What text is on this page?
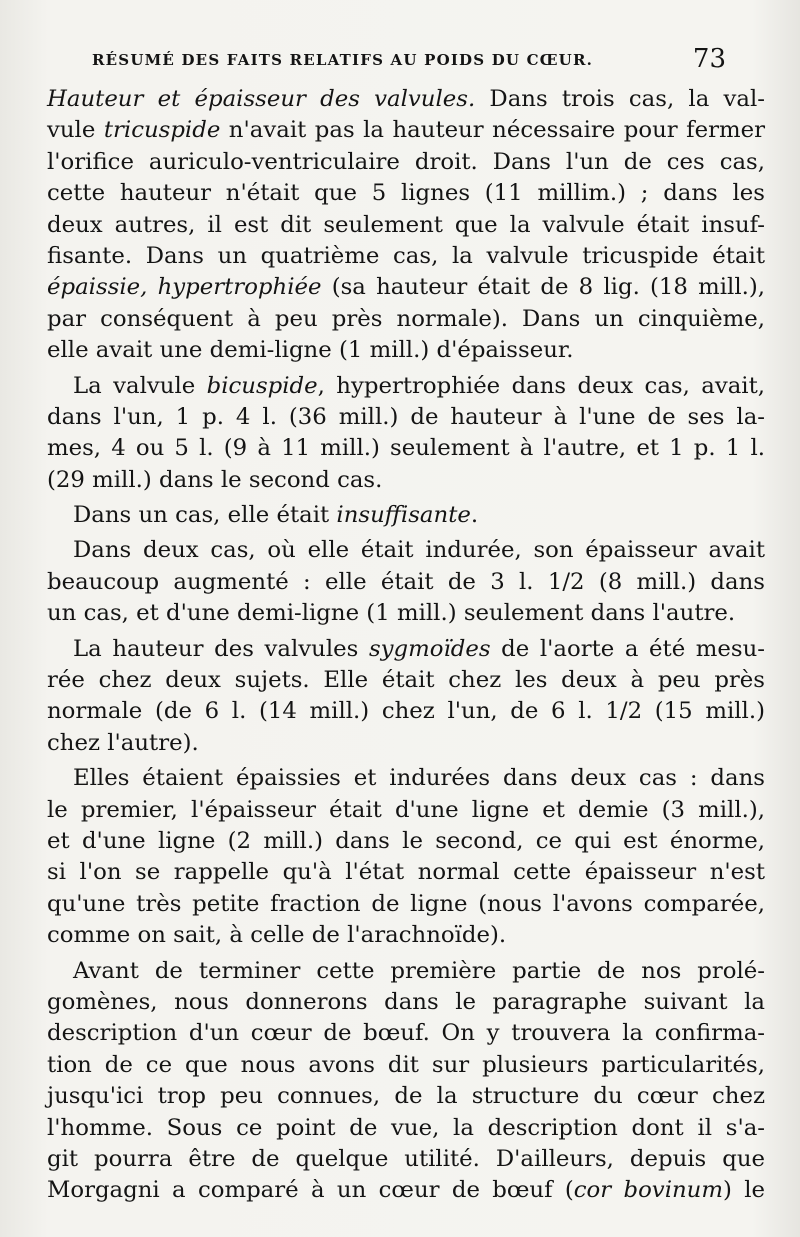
RÉSUMÉ DES FAITS RELATIFS AU POIDS DU CŒUR.	73
Hauteur et épaisseur des valvules. Dans trois cas, la val-
vule tricuspide n'avait pas la hauteur nécessaire pour fermer
l'orifice auriculo-ventriculaire droit. Dans l'un de ces cas,
cette hauteur n'était que 5 lignes (11 millim.) ; dans les
deux autres, il est dit seulement que la valvule était insuf-
fisante. Dans un quatrième cas, la valvule tricuspide était
épaissie, hypertrophiée (sa hauteur était de 8 lig. (18 mill.),
par conséquent à peu près normale). Dans un cinquième,
elle avait une demi-ligne (1 mill.) d'épaisseur.
La valvule bicuspide, hypertrophiée dans deux cas, avait,
dans l'un, 1 p. 4 l. (36 mill.) de hauteur à l'une de ses la-
mes, 4 ou 5 l. (9 à 11 mill.) seulement à l'autre, et 1 p. 1 l.
(29 mill.) dans le second cas.
Dans un cas, elle était insuffisante.
Dans deux cas, où elle était indurée, son épaisseur avait
beaucoup augmenté : elle était de 3 l. 1/2 (8 mill.) dans
un cas, et d'une demi-ligne (1 mill.) seulement dans l'autre.
La hauteur des valvules sygmoïdes de l'aorte a été mesu-
rée chez deux sujets. Elle était chez les deux à peu près
normale (de 6 l. (14 mill.) chez l'un, de 6 l. 1/2 (15 mill.)
chez l'autre).
Elles étaient épaissies et indurées dans deux cas : dans
le premier, l'épaisseur était d'une ligne et demie (3 mill.),
et d'une ligne (2 mill.) dans le second, ce qui est énorme,
si l'on se rappelle qu'à l'état normal cette épaisseur n'est
qu'une très petite fraction de ligne (nous l'avons comparée,
comme on sait, à celle de l'arachnoïde).
Avant de terminer cette première partie de nos prolé-
gomènes, nous donnerons dans le paragraphe suivant la
description d'un cœur de bœuf. On y trouvera la confirma-
tion de ce que nous avons dit sur plusieurs particularités,
jusqu'ici trop peu connues, de la structure du cœur chez
l'homme. Sous ce point de vue, la description dont il s'a-
git pourra être de quelque utilité. D'ailleurs, depuis que
Morgagni a comparé à un cœur de bœuf (cor bovinum) le
